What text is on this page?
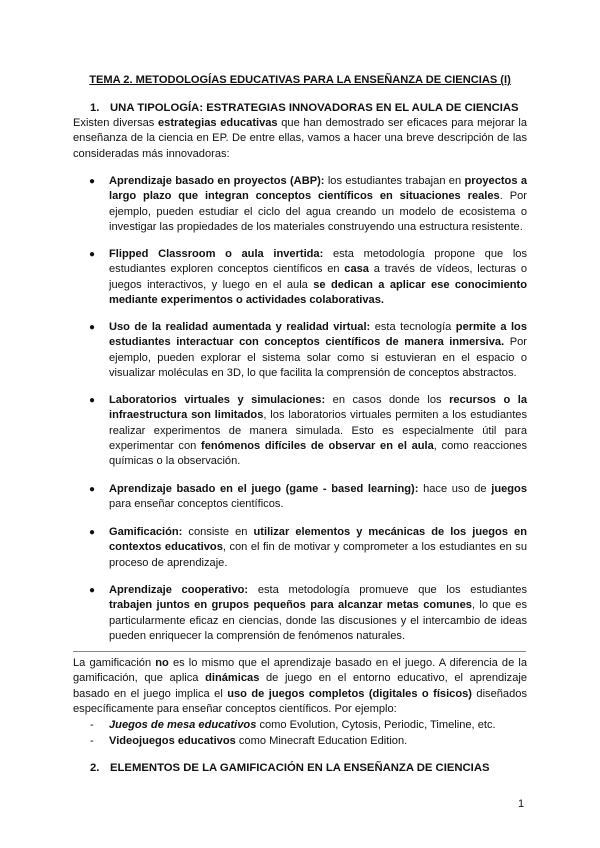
TEMA 2. METODOLOGÍAS EDUCATIVAS PARA LA ENSEÑANZA DE CIENCIAS (I)
1. UNA TIPOLOGÍA: ESTRATEGIAS INNOVADORAS EN EL AULA DE CIENCIAS
Existen diversas estrategias educativas que han demostrado ser eficaces para mejorar la enseñanza de la ciencia en EP. De entre ellas, vamos a hacer una breve descripción de las consideradas más innovadoras:
● Aprendizaje basado en proyectos (ABP): los estudiantes trabajan en proyectos a largo plazo que integran conceptos científicos en situaciones reales. Por ejemplo, pueden estudiar el ciclo del agua creando un modelo de ecosistema o investigar las propiedades de los materiales construyendo una estructura resistente.
● Flipped Classroom o aula invertida: esta metodología propone que los estudiantes exploren conceptos científicos en casa a través de vídeos, lecturas o juegos interactivos, y luego en el aula se dedican a aplicar ese conocimiento mediante experimentos o actividades colaborativas.
● Uso de la realidad aumentada y realidad virtual: esta tecnología permite a los estudiantes interactuar con conceptos científicos de manera inmersiva. Por ejemplo, pueden explorar el sistema solar como si estuvieran en el espacio o visualizar moléculas en 3D, lo que facilita la comprensión de conceptos abstractos.
● Laboratorios virtuales y simulaciones: en casos donde los recursos o la infraestructura son limitados, los laboratorios virtuales permiten a los estudiantes realizar experimentos de manera simulada. Esto es especialmente útil para experimentar con fenómenos difíciles de observar en el aula, como reacciones químicas o la observación.
● Aprendizaje basado en el juego (game - based learning): hace uso de juegos para enseñar conceptos científicos.
● Gamificación: consiste en utilizar elementos y mecánicas de los juegos en contextos educativos, con el fin de motivar y comprometer a los estudiantes en su proceso de aprendizaje.
● Aprendizaje cooperativo: esta metodología promueve que los estudiantes trabajen juntos en grupos pequeños para alcanzar metas comunes, lo que es particularmente eficaz en ciencias, donde las discusiones y el intercambio de ideas pueden enriquecer la comprensión de fenómenos naturales.
La gamificación no es lo mismo que el aprendizaje basado en el juego. A diferencia de la gamificación, que aplica dinámicas de juego en el entorno educativo, el aprendizaje basado en el juego implica el uso de juegos completos (digitales o físicos) diseñados específicamente para enseñar conceptos científicos. Por ejemplo:
- Juegos de mesa educativos como Evolution, Cytosis, Periodic, Timeline, etc.
- Videojuegos educativos como Minecraft Education Edition.
2. ELEMENTOS DE LA GAMIFICACIÓN EN LA ENSEÑANZA DE CIENCIAS
1
